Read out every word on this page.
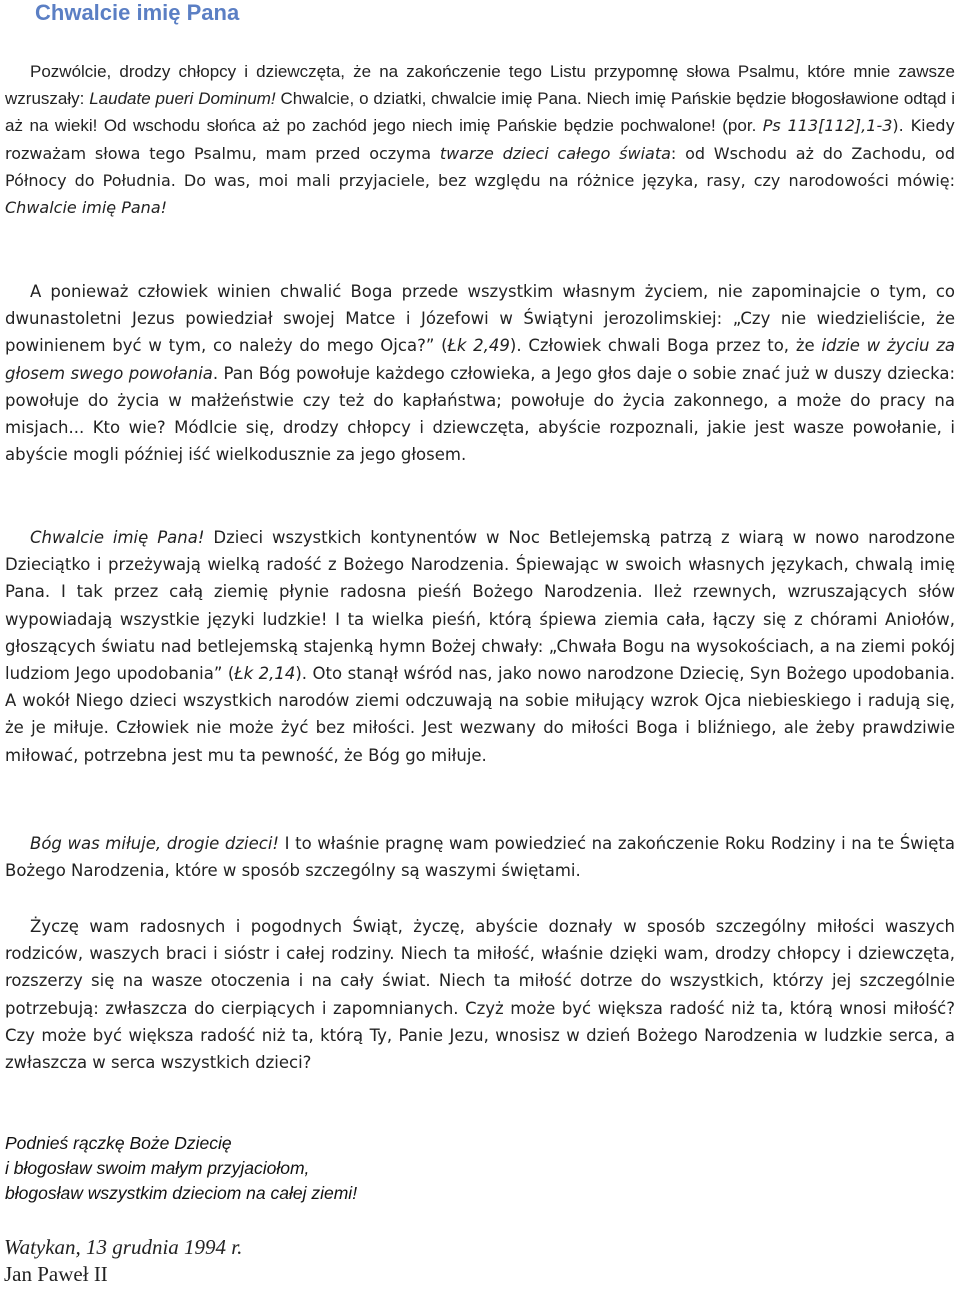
Chwalcie imię Pana

Pozwólcie, drodzy chłopcy i dziewczęta, że na zakończenie tego Listu przypomnę słowa Psalmu, które mnie zawsze wzruszały: Laudate pueri Dominum! Chwalcie, o dziatki, chwalcie imię Pana. Niech imię Pańskie będzie błogosławione odtąd i aż na wieki! Od wschodu słońca aż po zachód jego niech imię Pańskie będzie pochwalone! (por. Ps 113[112],1-3). Kiedy rozważam słowa tego Psalmu, mam przed oczyma twarze dzieci całego świata: od Wschodu aż do Zachodu, od Północy do Południa. Do was, moi mali przyjaciele, bez względu na różnice języka, rasy, czy narodowości mówię: Chwalcie imię Pana!

A ponieważ człowiek winien chwalić Boga przede wszystkim własnym życiem, nie zapominajcie o tym, co dwunastoletni Jezus powiedział swojej Matce i Józefowi w Świątyni jerozolimskiej: „Czy nie wiedzieliście, że powinienem być w tym, co należy do mego Ojca?” (Łk 2,49). Człowiek chwali Boga przez to, że idzie w życiu za głosem swego powołania. Pan Bóg powołuje każdego człowieka, a Jego głos daje o sobie znać już w duszy dziecka: powołuje do życia w małżeństwie czy też do kapłaństwa; powołuje do życia zakonnego, a może do pracy na misjach... Kto wie? Módlcie się, drodzy chłopcy i dziewczęta, abyście rozpoznali, jakie jest wasze powołanie, i abyście mogli później iść wielkodusznie za jego głosem.

Chwalcie imię Pana! Dzieci wszystkich kontynentów w Noc Betlejemską patrzą z wiarą w nowo narodzone Dzieciątko i przeżywają wielką radość z Bożego Narodzenia. Śpiewając w swoich własnych językach, chwalą imię Pana. I tak przez całą ziemię płynie radosna pieśń Bożego Narodzenia. Ileż rzewnych, wzruszających słów wypowiadają wszystkie języki ludzkie! I ta wielka pieśń, którą śpiewa ziemia cała, łączy się z chórami Aniołów, głoszących światu nad betlejemską stajenką hymn Bożej chwały: „Chwała Bogu na wysokościach, a na ziemi pokój ludziom Jego upodobania” (Łk 2,14). Oto stanął wśród nas, jako nowo narodzone Dziecię, Syn Bożego upodobania. A wokół Niego dzieci wszystkich narodów ziemi odczuwają na sobie miłujący wzrok Ojca niebieskiego i radują się, że je miłuje. Człowiek nie może żyć bez miłości. Jest wezwany do miłości Boga i bliźniego, ale żeby prawdziwie miłować, potrzebna jest mu ta pewność, że Bóg go miłuje.

Bóg was miłuje, drogie dzieci! I to właśnie pragnę wam powiedzieć na zakończenie Roku Rodziny i na te Święta Bożego Narodzenia, które w sposób szczególny są waszymi świętami.

Życzę wam radosnych i pogodnych Świąt, życzę, abyście doznały w sposób szczególny miłości waszych rodziców, waszych braci i sióstr i całej rodziny. Niech ta miłość, właśnie dzięki wam, drodzy chłopcy i dziewczęta, rozszerzy się na wasze otoczenia i na cały świat. Niech ta miłość dotrze do wszystkich, którzy jej szczególnie potrzebują: zwłaszcza do cierpiących i zapomnianych. Czyż może być większa radość niż ta, którą wnosi miłość? Czy może być większa radość niż ta, którą Ty, Panie Jezu, wnosisz w dzień Bożego Narodzenia w ludzkie serca, a zwłaszcza w serca wszystkich dzieci?

Podnieś rączkę Boże Dziecię
i błogosław swoim małym przyjaciołom,
błogosław wszystkim dzieciom na całej ziemi!
Watykan, 13 grudnia 1994 r.
Jan Paweł II
